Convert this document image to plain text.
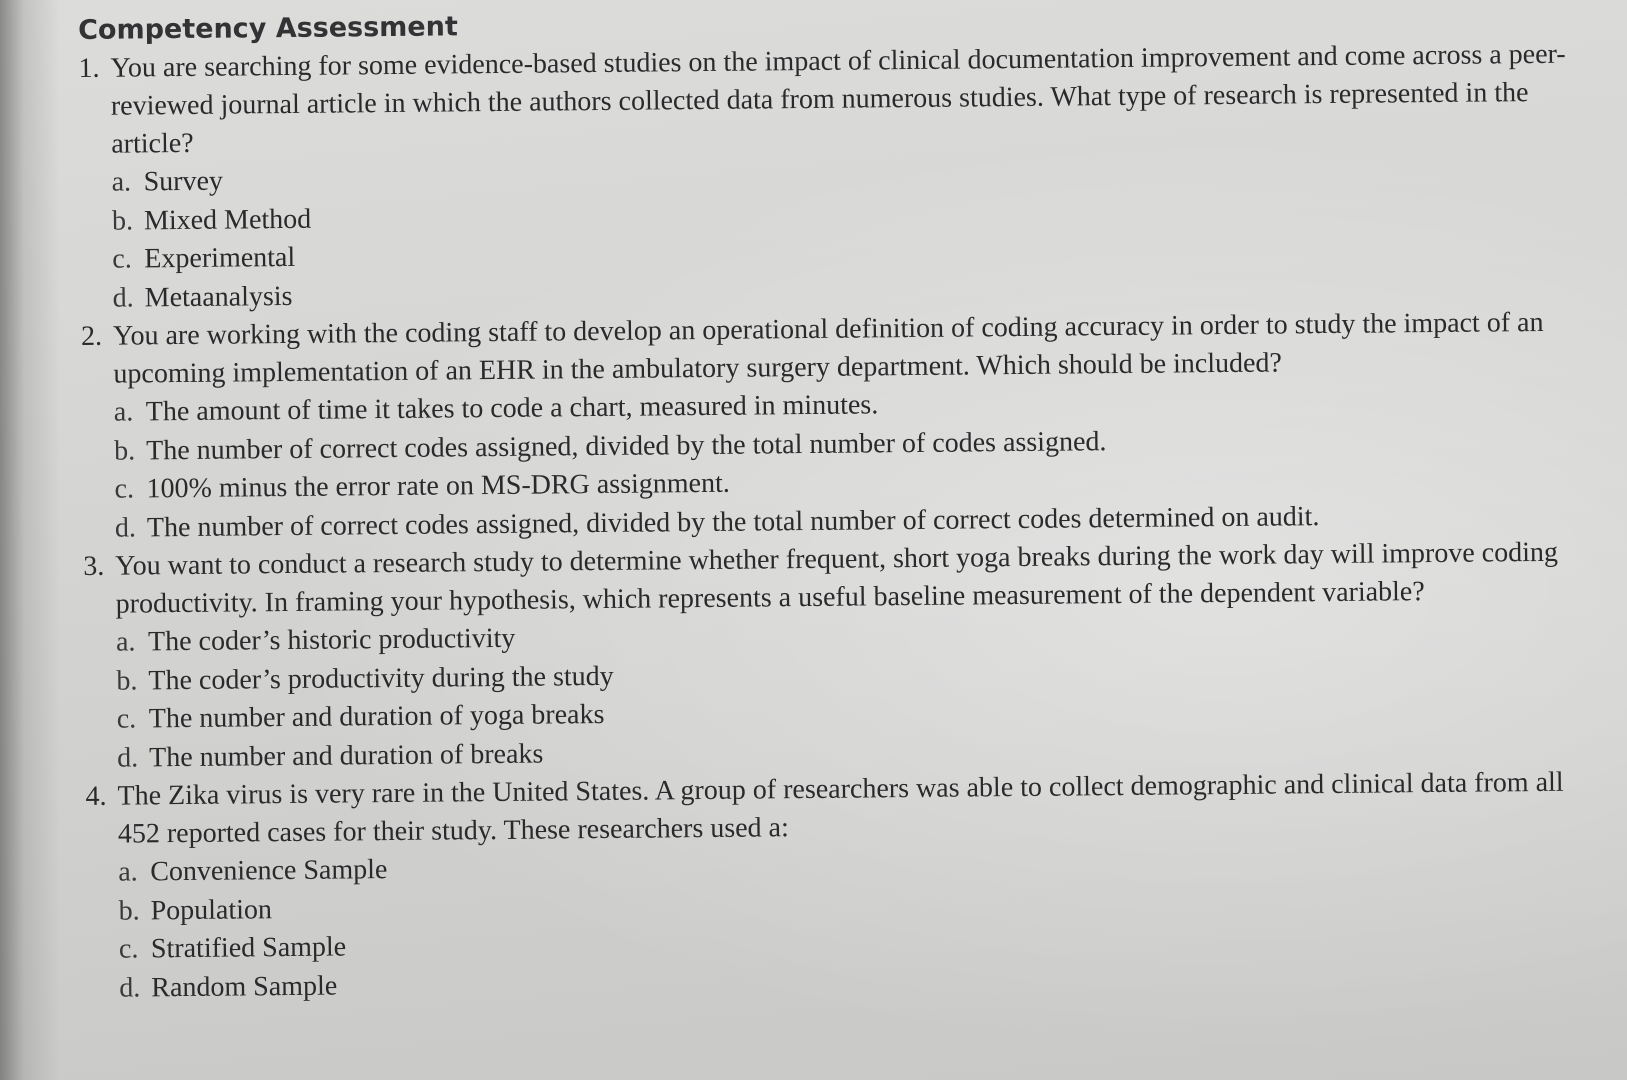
Competency Assessment

1. You are searching for some evidence-based studies on the impact of clinical documentation improvement and come across a peer-reviewed journal article in which the authors collected data from numerous studies. What type of research is represented in the article?

a. Survey
b. Mixed Method
c. Experimental
d. Metaanalysis

2. You are working with the coding staff to develop an operational definition of coding accuracy in order to study the impact of an upcoming implementation of an EHR in the ambulatory surgery department. Which should be included?

a. The amount of time it takes to code a chart, measured in minutes.
b. The number of correct codes assigned, divided by the total number of codes assigned.
c. 100% minus the error rate on MS-DRG assignment.
d. The number of correct codes assigned, divided by the total number of correct codes determined on audit.

3. You want to conduct a research study to determine whether frequent, short yoga breaks during the work day will improve coding productivity. In framing your hypothesis, which represents a useful baseline measurement of the dependent variable?

a. The coder’s historic productivity
b. The coder’s productivity during the study
c. The number and duration of yoga breaks
d. The number and duration of breaks

4. The Zika virus is very rare in the United States. A group of researchers was able to collect demographic and clinical data from all 452 reported cases for their study. These researchers used a:

a. Convenience Sample
b. Population
c. Stratified Sample
d. Random Sample
